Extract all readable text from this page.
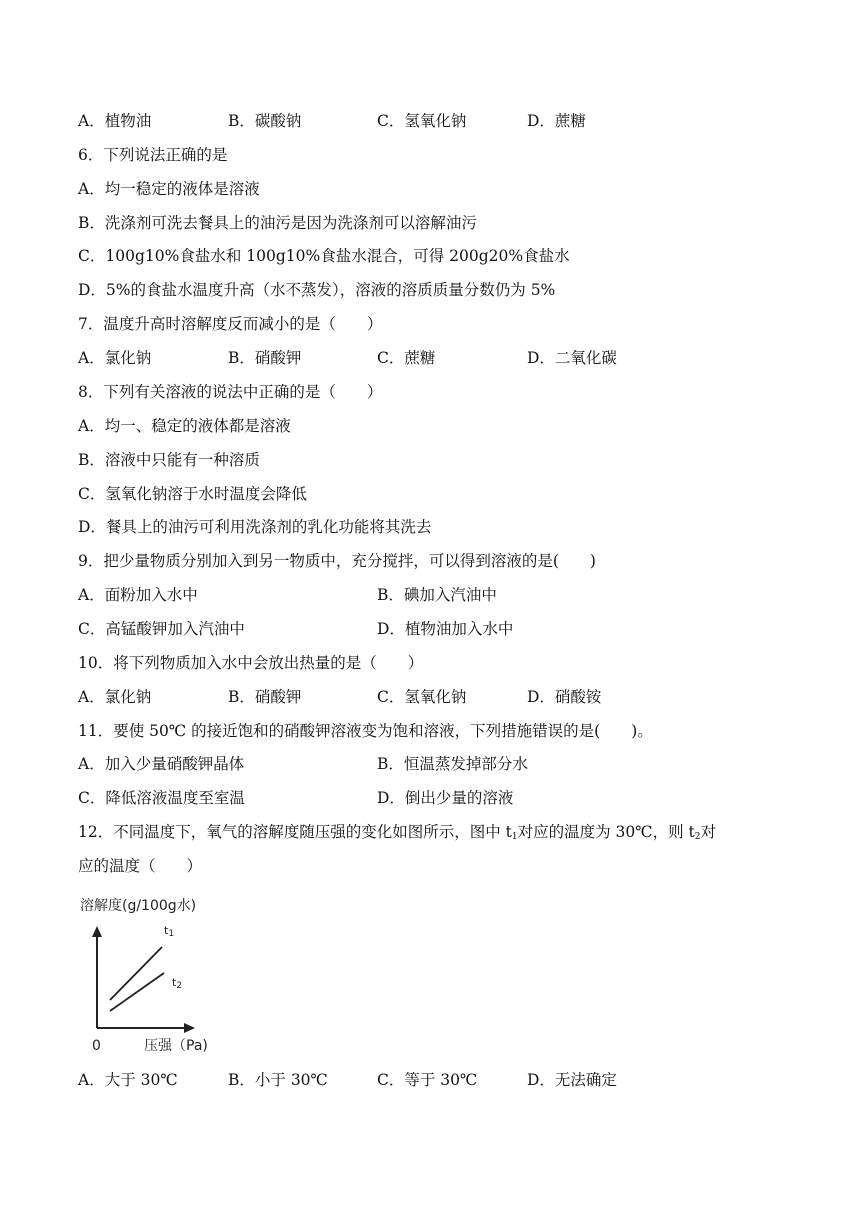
A．植物油	B．碳酸钠	C．氢氧化钠	D．蔗糖
6．下列说法正确的是
A．均一稳定的液体是溶液
B．洗涤剂可洗去餐具上的油污是因为洗涤剂可以溶解油污
C．100g10%食盐水和 100g10%食盐水混合，可得 200g20%食盐水
D．5%的食盐水温度升高（水不蒸发），溶液的溶质质量分数仍为 5%
7．温度升高时溶解度反而减小的是（　　）
A．氯化钠	B．硝酸钾	C．蔗糖	D．二氧化碳
8．下列有关溶液的说法中正确的是（　　）
A．均一、稳定的液体都是溶液
B．溶液中只能有一种溶质
C．氢氧化钠溶于水时温度会降低
D．餐具上的油污可利用洗涤剂的乳化功能将其洗去
9．把少量物质分别加入到另一物质中，充分搅拌，可以得到溶液的是(　　)
A．面粉加入水中	B．碘加入汽油中
C．高锰酸钾加入汽油中	D．植物油加入水中
10．将下列物质加入水中会放出热量的是（　　）
A．氯化钠	B．硝酸钾	C．氢氧化钠	D．硝酸铵
11．要使 50℃ 的接近饱和的硝酸钾溶液变为饱和溶液，下列措施错误的是(　　)。
A．加入少量硝酸钾晶体	B．恒温蒸发掉部分水
C．降低溶液温度至室温	D．倒出少量的溶液
12．不同温度下，氧气的溶解度随压强的变化如图所示，图中 $t_1$对应的温度为 30℃，则 $t_2$对
应的温度（　　）
溶解度(g/100g水)
$t_1$
$t_2$
0	压强（Pa)
A．大于 30℃	B．小于 30℃	C．等于 30℃	D．无法确定
